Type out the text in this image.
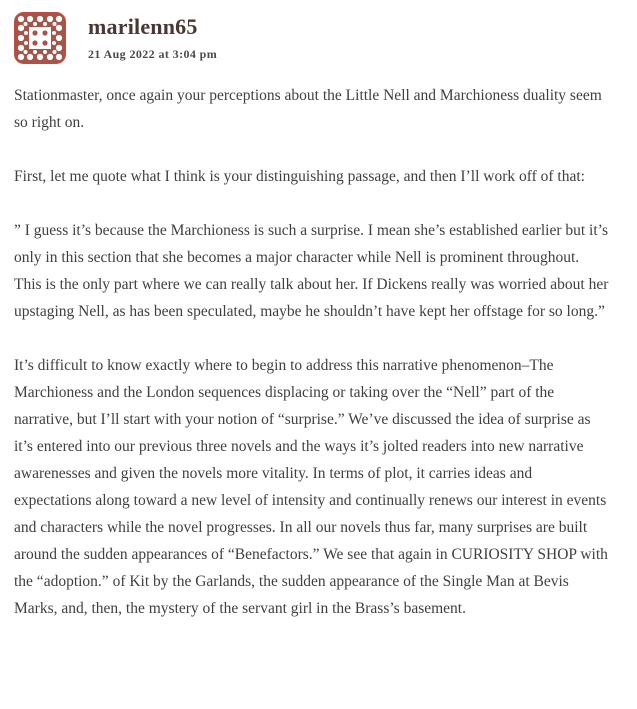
marilenn65
21 Aug 2022 at 3:04 pm

Stationmaster, once again your perceptions about the Little Nell and Marchioness duality seem so right on.

First, let me quote what I think is your distinguishing passage, and then I’ll work off of that:

” I guess it’s because the Marchioness is such a surprise. I mean she’s established earlier but it’s only in this section that she becomes a major character while Nell is prominent throughout. This is the only part where we can really talk about her. If Dickens really was worried about her upstaging Nell, as has been speculated, maybe he shouldn’t have kept her offstage for so long.”

It’s difficult to know exactly where to begin to address this narrative phenomenon–The Marchioness and the London sequences displacing or taking over the “Nell” part of the narrative, but I’ll start with your notion of “surprise.” We’ve discussed the idea of surprise as it’s entered into our previous three novels and the ways it’s jolted readers into new narrative awarenesses and given the novels more vitality. In terms of plot, it carries ideas and expectations along toward a new level of intensity and continually renews our interest in events and characters while the novel progresses. In all our novels thus far, many surprises are built around the sudden appearances of “Benefactors.” We see that again in CURIOSITY SHOP with the “adoption.” of Kit by the Garlands, the sudden appearance of the Single Man at Bevis Marks, and, then, the mystery of the servant girl in the Brass’s basement.
